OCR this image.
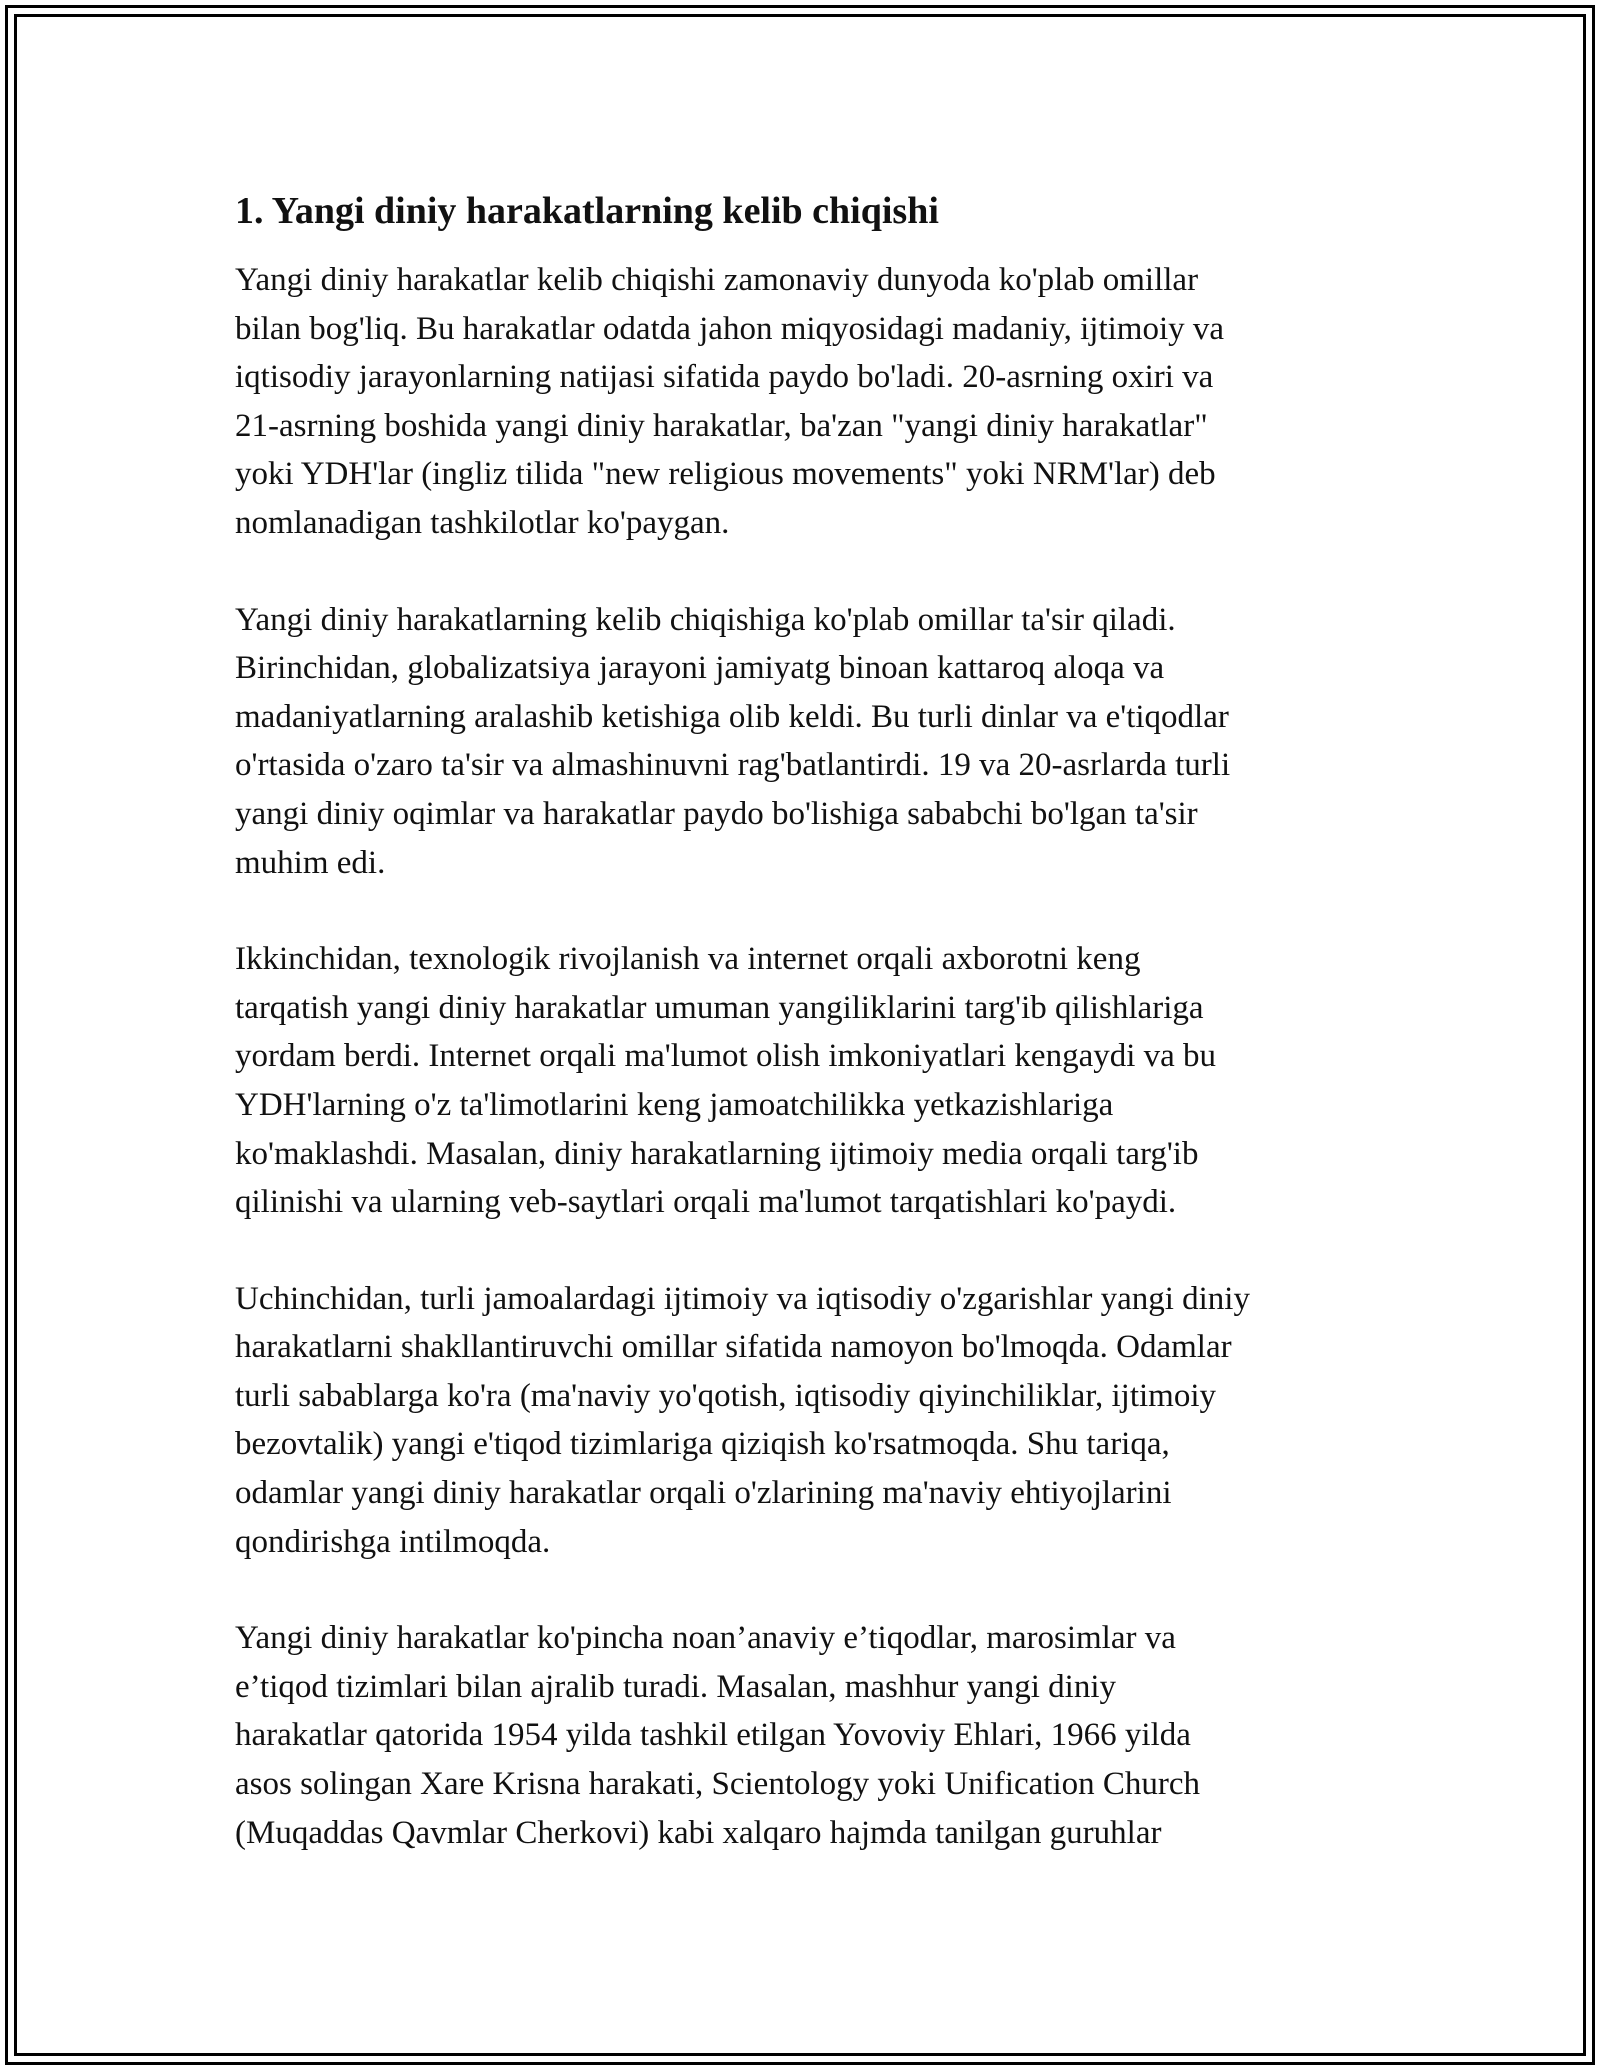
1. Yangi diniy harakatlarning kelib chiqishi
Yangi diniy harakatlar kelib chiqishi zamonaviy dunyoda ko'plab omillar
bilan bog'liq. Bu harakatlar odatda jahon miqyosidagi madaniy, ijtimoiy va
iqtisodiy jarayonlarning natijasi sifatida paydo bo'ladi. 20-asrning oxiri va
21-asrning boshida yangi diniy harakatlar, ba'zan "yangi diniy harakatlar"
yoki YDH'lar (ingliz tilida "new religious movements" yoki NRM'lar) deb
nomlanadigan tashkilotlar ko'paygan.
Yangi diniy harakatlarning kelib chiqishiga ko'plab omillar ta'sir qiladi.
Birinchidan, globalizatsiya jarayoni jamiyatg binoan kattaroq aloqa va
madaniyatlarning aralashib ketishiga olib keldi. Bu turli dinlar va e'tiqodlar
o'rtasida o'zaro ta'sir va almashinuvni rag'batlantirdi. 19 va 20-asrlarda turli
yangi diniy oqimlar va harakatlar paydo bo'lishiga sababchi bo'lgan ta'sir
muhim edi.
Ikkinchidan, texnologik rivojlanish va internet orqali axborotni keng
tarqatish yangi diniy harakatlar umuman yangiliklarini targ'ib qilishlariga
yordam berdi. Internet orqali ma'lumot olish imkoniyatlari kengaydi va bu
YDH'larning o'z ta'limotlarini keng jamoatchilikka yetkazishlariga
ko'maklashdi. Masalan, diniy harakatlarning ijtimoiy media orqali targ'ib
qilinishi va ularning veb-saytlari orqali ma'lumot tarqatishlari ko'paydi.
Uchinchidan, turli jamoalardagi ijtimoiy va iqtisodiy o'zgarishlar yangi diniy
harakatlarni shakllantiruvchi omillar sifatida namoyon bo'lmoqda. Odamlar
turli sabablarga ko'ra (ma'naviy yo'qotish, iqtisodiy qiyinchiliklar, ijtimoiy
bezovtalik) yangi e'tiqod tizimlariga qiziqish ko'rsatmoqda. Shu tariqa,
odamlar yangi diniy harakatlar orqali o'zlarining ma'naviy ehtiyojlarini
qondirishga intilmoqda.
Yangi diniy harakatlar ko'pincha noan’anaviy e’tiqodlar, marosimlar va
e’tiqod tizimlari bilan ajralib turadi. Masalan, mashhur yangi diniy
harakatlar qatorida 1954 yilda tashkil etilgan Yovoviy Ehlari, 1966 yilda
asos solingan Xare Krisna harakati, Scientology yoki Unification Church
(Muqaddas Qavmlar Cherkovi) kabi xalqaro hajmda tanilgan guruhlar
